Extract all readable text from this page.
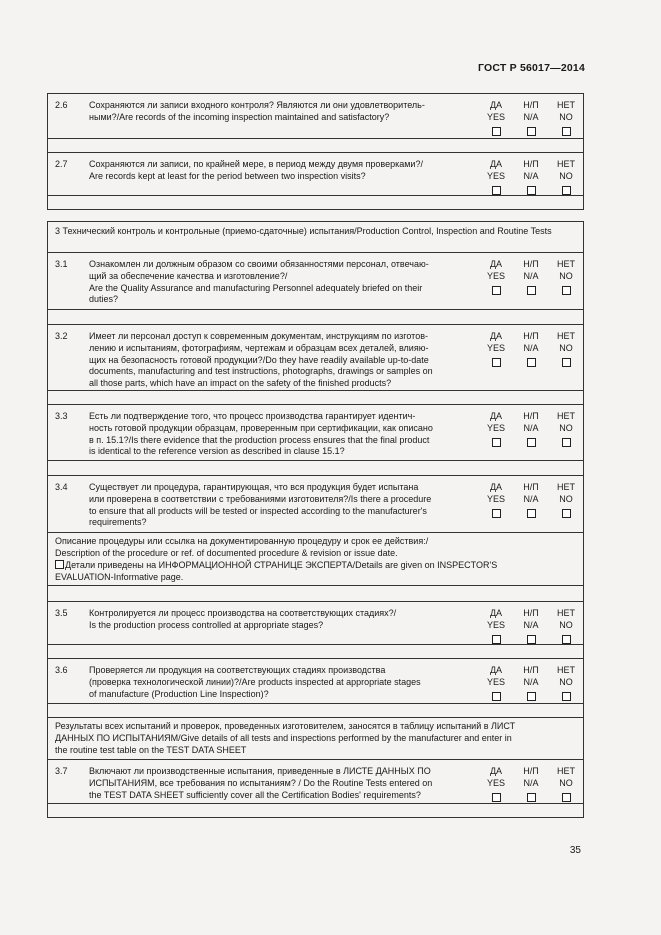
ГОСТ Р 56017—2014
2.6 Сохраняются ли записи входного контроля? Являются ли они удовлетворитель-
ными?/Are records of the incoming inspection maintained and satisfactory?
ДА
YES
Н/П
N/A
НЕТ
NO
2.7 Сохраняются ли записи, по крайней мере, в период между двумя проверками?/
Are records kept at least for the period between two inspection visits?
ДА
YES
Н/П
N/A
НЕТ
NO
3 Технический контроль и контрольные (приемо-сдаточные) испытания/Production Control, Inspection and Routine Tests
3.1 Ознакомлен ли должным образом со своими обязанностями персонал, отвечаю-
щий за обеспечение качества и изготовление?/
Are the Quality Assurance and manufacturing Personnel adequately briefed on their
duties?
ДА
YES
Н/П
N/A
НЕТ
NO
3.2 Имеет ли персонал доступ к современным документам, инструкциям по изготов-
лению и испытаниям, фотографиям, чертежам и образцам всех деталей, влияю-
щих на безопасность готовой продукции?/Do they have readily available up-to-date
documents, manufacturing and test instructions, photographs, drawings or samples on
all those parts, which have an impact on the safety of the finished products?
ДА
YES
Н/П
N/A
НЕТ
NO
3.3 Есть ли подтверждение того, что процесс производства гарантирует идентич-
ность готовой продукции образцам, проверенным при сертификации, как описано
в п. 15.1?/Is there evidence that the production process ensures that the final product
is identical to the reference version as described in clause 15.1?
ДА
YES
Н/П
N/A
НЕТ
NO
3.4 Существует ли процедура, гарантирующая, что вся продукция будет испытана
или проверена в соответствии с требованиями изготовителя?/Is there a procedure
to ensure that all products will be tested or inspected according to the manufacturer's
requirements?
ДА
YES
Н/П
N/A
НЕТ
NO
Описание процедуры или ссылка на документированную процедуру и срок ее действия:/
Description of the procedure or ref. of documented procedure & revision or issue date.
Детали приведены на ИНФОРМАЦИОННОЙ СТРАНИЦЕ ЭКСПЕРТА/Details are given on INSPECTOR'S
EVALUATION-Informative page.
3.5 Контролируется ли процесс производства на соответствующих стадиях?/
Is the production process controlled at appropriate stages?
ДА
YES
Н/П
N/A
НЕТ
NO
3.6 Проверяется ли продукция на соответствующих стадиях производства
(проверка технологической линии)?/Are products inspected at appropriate stages
of manufacture (Production Line Inspection)?
ДА
YES
Н/П
N/A
НЕТ
NO
Результаты всех испытаний и проверок, проведенных изготовителем, заносятся в таблицу испытаний в ЛИСТ
ДАННЫХ ПО ИСПЫТАНИЯМ/Give details of all tests and inspections performed by the manufacturer and enter in
the routine test table on the TEST DATA SHEET
3.7 Включают ли производственные испытания, приведенные в ЛИСТЕ ДАННЫХ ПО
ИСПЫТАНИЯМ, все требования по испытаниям? / Do the Routine Tests entered on
the TEST DATA SHEET sufficiently cover all the Certification Bodies' requirements?
ДА
YES
Н/П
N/A
НЕТ
NO
35
